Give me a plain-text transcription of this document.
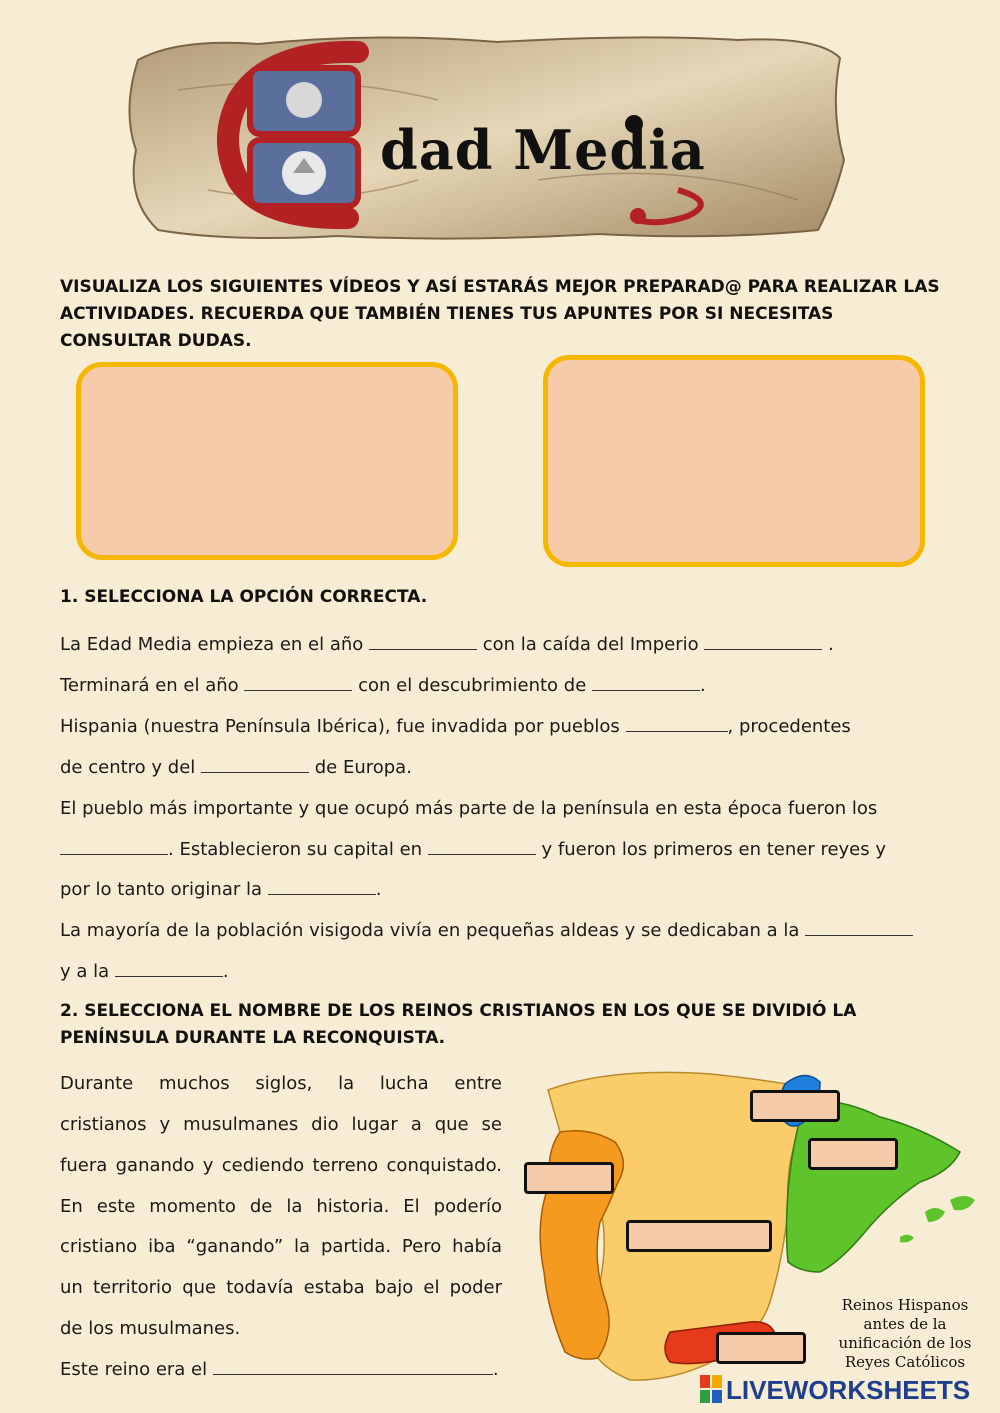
dad Media
VISUALIZA LOS SIGUIENTES VÍDEOS Y ASÍ ESTARÁS MEJOR PREPARAD@ PARA REALIZAR LAS ACTIVIDADES. RECUERDA QUE TAMBIÉN TIENES TUS APUNTES POR SI NECESITAS CONSULTAR DUDAS.
1. SELECCIONA LA OPCIÓN CORRECTA.
La Edad Media empieza en el año	con la caída del Imperio	.
Terminará en el año	con el descubrimiento de	.
Hispania (nuestra Península Ibérica), fue invadida por pueblos	, procedentes
de centro y del	de Europa.
El pueblo más importante y que ocupó más parte de la península en esta época fueron los
. Establecieron su capital en	y fueron los primeros en tener reyes y
por lo tanto originar la	.
La mayoría de la población visigoda vivía en pequeñas aldeas y se dedicaban a la
y a la	.
2. SELECCIONA EL NOMBRE DE LOS REINOS CRISTIANOS EN LOS QUE SE DIVIDIÓ LA PENÍNSULA DURANTE LA RECONQUISTA.
Durante muchos siglos, la lucha entre
cristianos y musulmanes dio lugar a que se
fuera ganando y cediendo terreno conquistado.
En este momento de la historia. El poderío
cristiano iba “ganando” la partida. Pero había
un territorio que todavía estaba bajo el poder
de los musulmanes.
Este reino era el	.
Reinos Hispanos
antes de la
unificación de los
Reyes Católicos
LIVEWORKSHEETS
